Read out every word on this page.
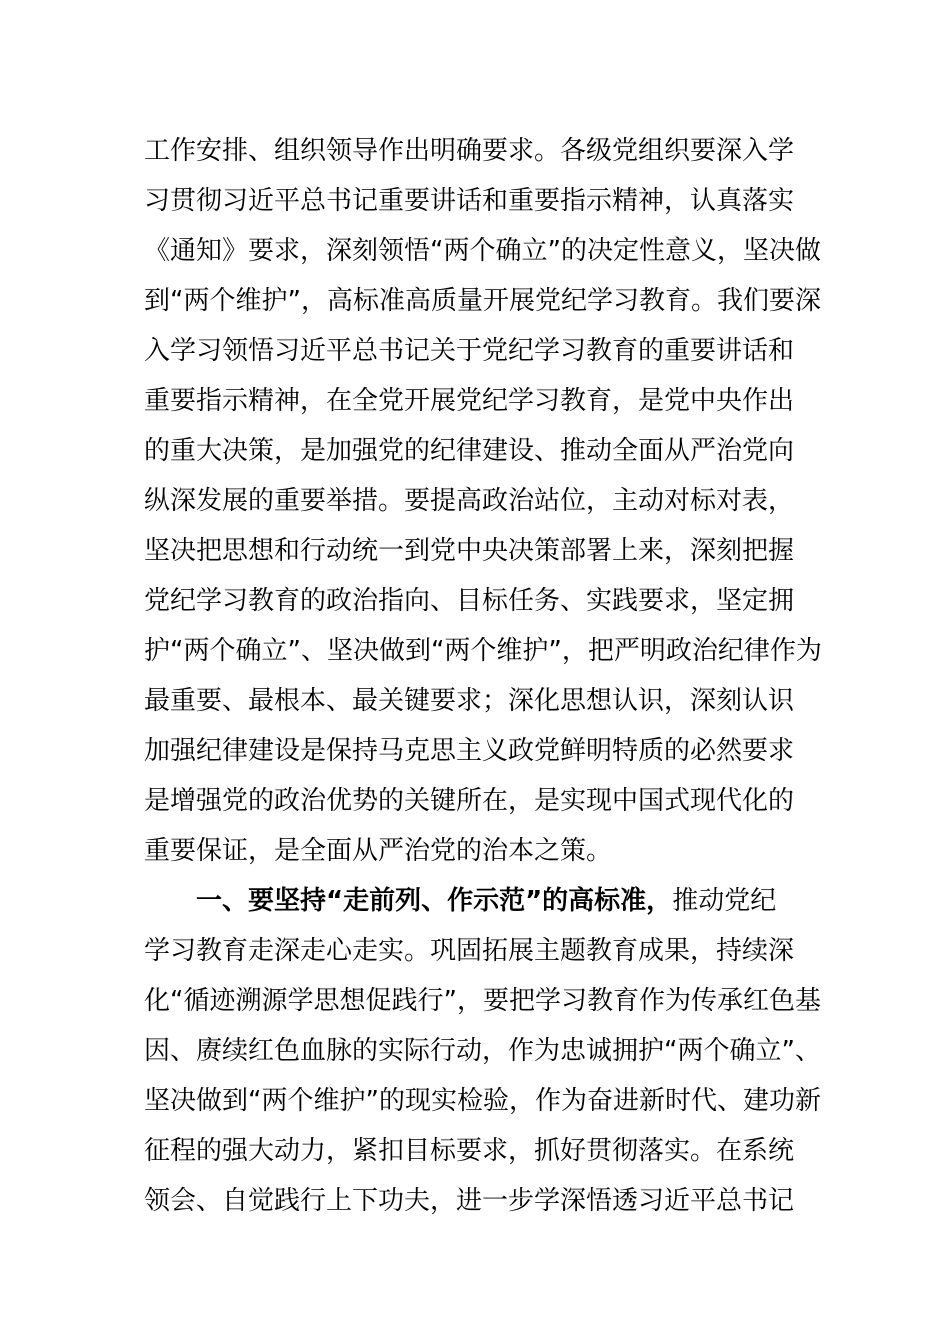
工作安排、组织领导作出明确要求。各级党组织要深入学
习贯彻习近平总书记重要讲话和重要指示精神，认真落实
《通知》要求，深刻领悟“两个确立”的决定性意义，坚决做
到“两个维护”，高标准高质量开展党纪学习教育。我们要深
入学习领悟习近平总书记关于党纪学习教育的重要讲话和
重要指示精神，在全党开展党纪学习教育，是党中央作出
的重大决策，是加强党的纪律建设、推动全面从严治党向
纵深发展的重要举措。要提高政治站位，主动对标对表，
坚决把思想和行动统一到党中央决策部署上来，深刻把握
党纪学习教育的政治指向、目标任务、实践要求，坚定拥
护“两个确立”、坚决做到“两个维护”，把严明政治纪律作为
最重要、最根本、最关键要求；深化思想认识，深刻认识
加强纪律建设是保持马克思主义政党鲜明特质的必然要求
是增强党的政治优势的关键所在，是实现中国式现代化的
重要保证，是全面从严治党的治本之策。
一、要坚持“走前列、作示范”的高标准，推动党纪
学习教育走深走心走实。巩固拓展主题教育成果，持续深
化“循迹溯源学思想促践行”，要把学习教育作为传承红色基
因、赓续红色血脉的实际行动，作为忠诚拥护“两个确立”、
坚决做到“两个维护”的现实检验，作为奋进新时代、建功新
征程的强大动力，紧扣目标要求，抓好贯彻落实。在系统
领会、自觉践行上下功夫，进一步学深悟透习近平总书记
